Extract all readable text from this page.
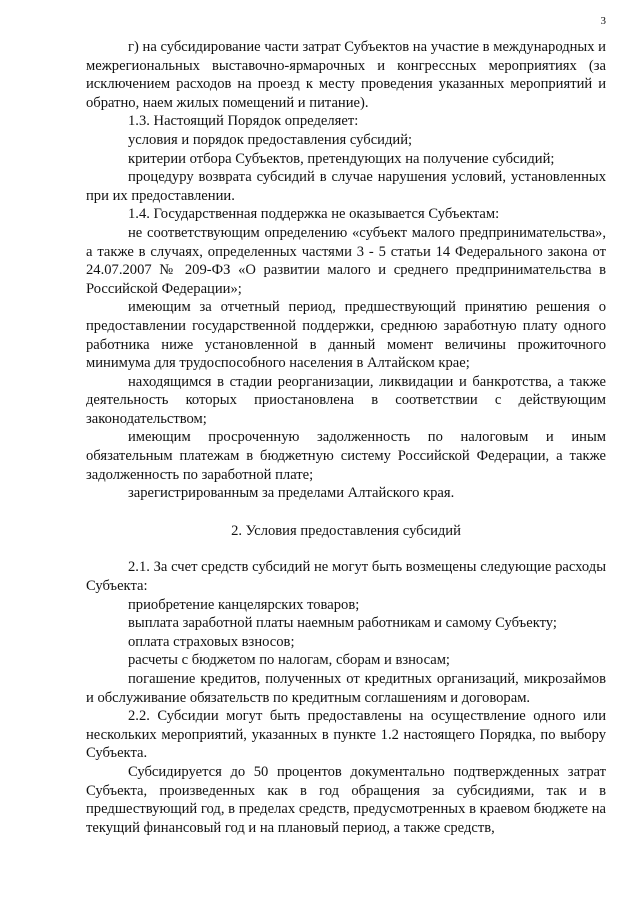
3

г) на субсидирование части затрат Субъектов на участие в международных и межрегиональных выставочно-ярмарочных и конгрессных мероприятиях (за исключением расходов на проезд к месту проведения указанных мероприятий и обратно, наем жилых помещений и питание).

1.3. Настоящий Порядок определяет:

условия и порядок предоставления субсидий;

критерии отбора Субъектов, претендующих на получение субсидий;

процедуру возврата субсидий в случае нарушения условий, установленных при их предоставлении.

1.4. Государственная поддержка не оказывается Субъектам:

не соответствующим определению «субъект малого предпринимательства», а также в случаях, определенных частями 3 - 5 статьи 14 Федерального закона от 24.07.2007 № 209-ФЗ «О развитии малого и среднего предпринимательства в Российской Федерации»;

имеющим за отчетный период, предшествующий принятию решения о предоставлении государственной поддержки, среднюю заработную плату одного работника ниже установленной в данный момент величины прожиточного минимума для трудоспособного населения в Алтайском крае;

находящимся в стадии реорганизации, ликвидации и банкротства, а также деятельность которых приостановлена в соответствии с действующим законодательством;

имеющим просроченную задолженность по налоговым и иным обязательным платежам в бюджетную систему Российской Федерации, а также задолженность по заработной плате;

зарегистрированным за пределами Алтайского края.

2. Условия предоставления субсидий

2.1. За счет средств субсидий не могут быть возмещены следующие расходы Субъекта:

приобретение канцелярских товаров;

выплата заработной платы наемным работникам и самому Субъекту;

оплата страховых взносов;

расчеты с бюджетом по налогам, сборам и взносам;

погашение кредитов, полученных от кредитных организаций, микрозаймов и обслуживание обязательств по кредитным соглашениям и договорам.

2.2. Субсидии могут быть предоставлены на осуществление одного или нескольких мероприятий, указанных в пункте 1.2 настоящего Порядка, по выбору Субъекта.

Субсидируется до 50 процентов документально подтвержденных затрат Субъекта, произведенных как в год обращения за субсидиями, так и в предшествующий год, в пределах средств, предусмотренных в краевом бюджете на текущий финансовый год и на плановый период, а также средств,
